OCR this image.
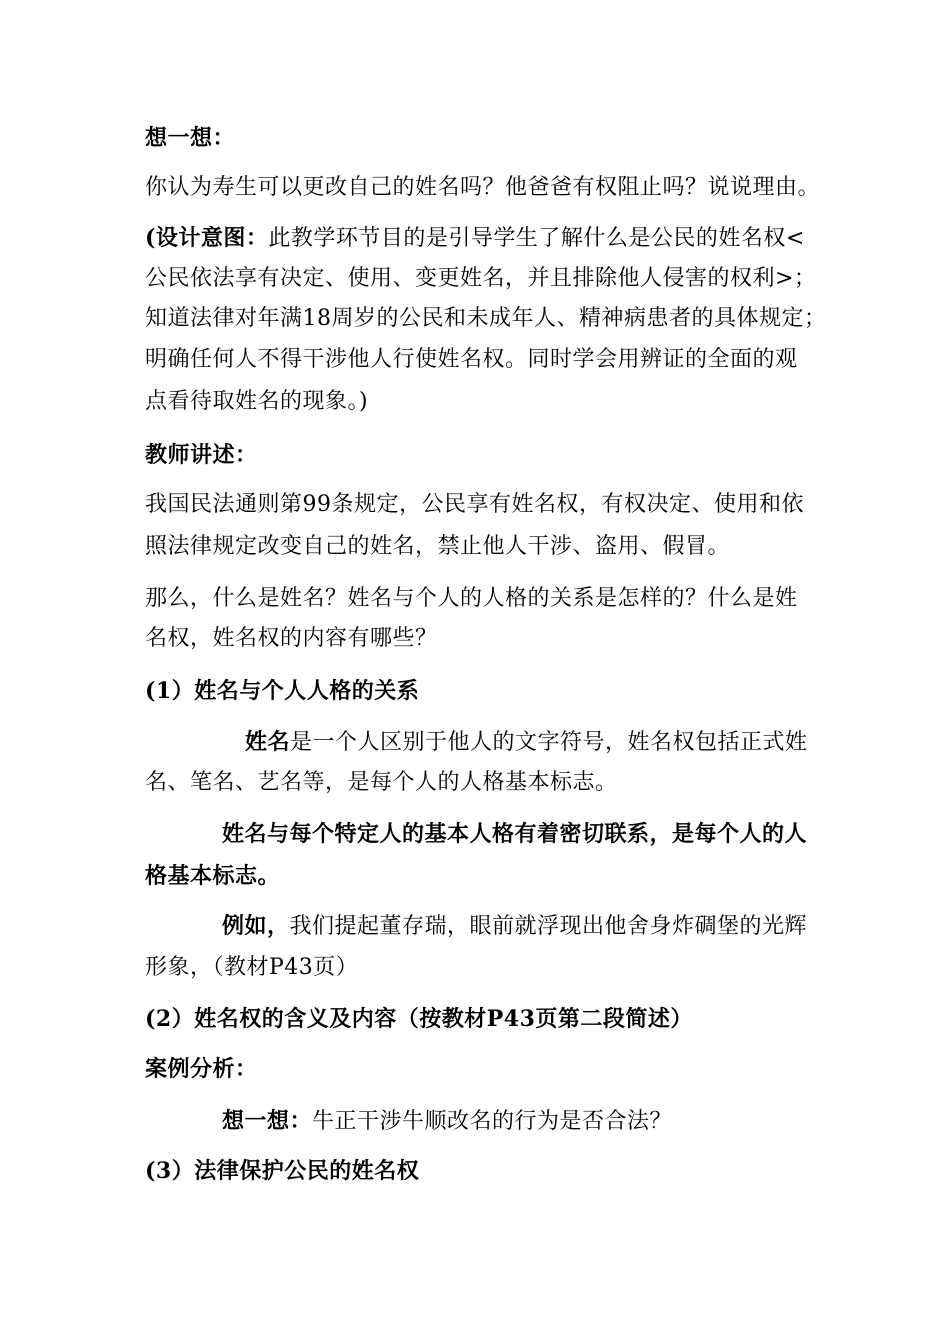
想一想：
你认为寿生可以更改自己的姓名吗？他爸爸有权阻止吗？说说理由。
(设计意图：此教学环节目的是引导学生了解什么是公民的姓名权<
公民依法享有决定、使用、变更姓名，并且排除他人侵害的权利>；
知道法律对年满18周岁的公民和未成年人、精神病患者的具体规定；
明确任何人不得干涉他人行使姓名权。同时学会用辨证的全面的观
点看待取姓名的现象。)
教师讲述：
我国民法通则第99条规定，公民享有姓名权，有权决定、使用和依
照法律规定改变自己的姓名，禁止他人干涉、盗用、假冒。
那么，什么是姓名？姓名与个人的人格的关系是怎样的？什么是姓
名权，姓名权的内容有哪些？
(1）姓名与个人人格的关系
姓名是一个人区别于他人的文字符号，姓名权包括正式姓
名、笔名、艺名等，是每个人的人格基本标志。
姓名与每个特定人的基本人格有着密切联系，是每个人的人
格基本标志。
例如，我们提起董存瑞，眼前就浮现出他舍身炸碉堡的光辉
形象，（教材P43页）
(2）姓名权的含义及内容（按教材P43页第二段简述）
案例分析：
想一想：牛正干涉牛顺改名的行为是否合法？
(3）法律保护公民的姓名权
